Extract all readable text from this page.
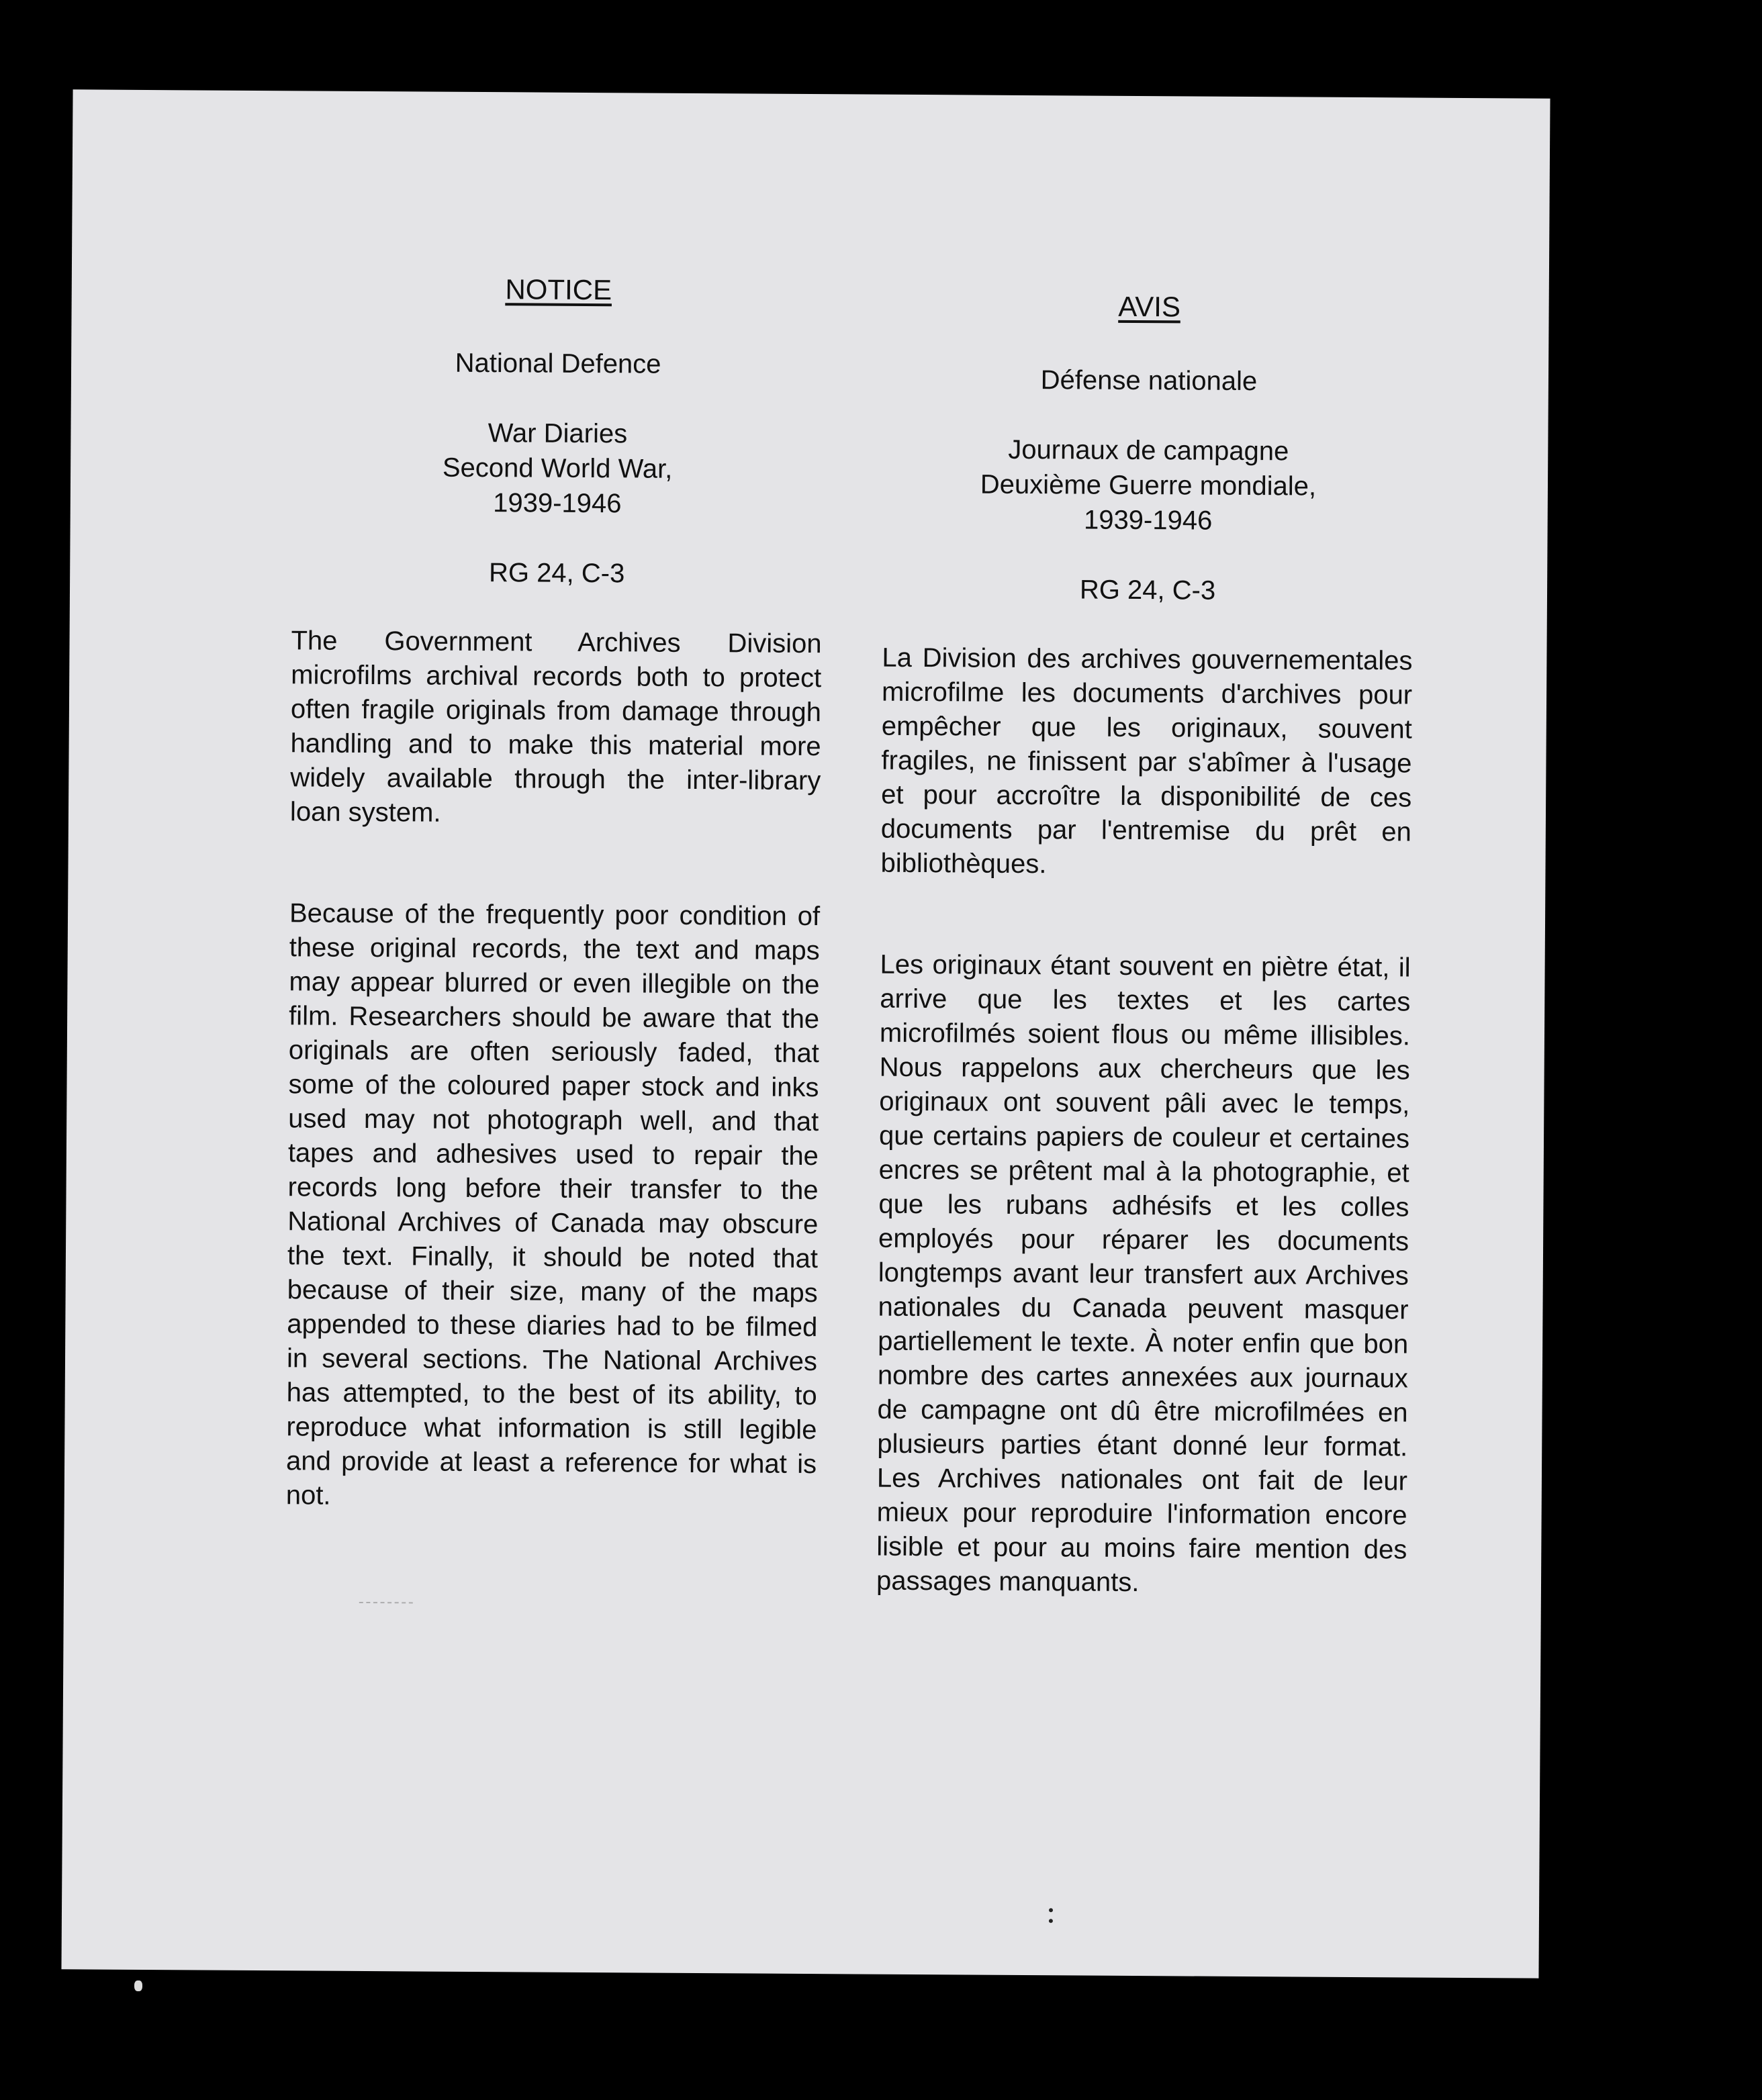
NOTICE
National Defence
War Diaries
Second World War,
1939-1946
RG 24, C-3

The Government Archives Division microfilms archival records both to protect often fragile originals from damage through handling and to make this material more widely available through the inter-library loan system.

Because of the frequently poor condition of these original records, the text and maps may appear blurred or even illegible on the film. Researchers should be aware that the originals are often seriously faded, that some of the coloured paper stock and inks used may not photograph well, and that tapes and adhesives used to repair the records long before their transfer to the National Archives of Canada may obscure the text. Finally, it should be noted that because of their size, many of the maps appended to these diaries had to be filmed in several sections. The National Archives has attempted, to the best of its ability, to reproduce what information is still legible and provide at least a reference for what is not.

AVIS
Défense nationale
Journaux de campagne
Deuxième Guerre mondiale,
1939-1946
RG 24, C-3

La Division des archives gouvernementales microfilme les documents d'archives pour empêcher que les originaux, souvent fragiles, ne finissent par s'abîmer à l'usage et pour accroître la disponibilité de ces documents par l'entremise du prêt en bibliothèques.

Les originaux étant souvent en piètre état, il arrive que les textes et les cartes microfilmés soient flous ou même illisibles. Nous rappelons aux chercheurs que les originaux ont souvent pâli avec le temps, que certains papiers de couleur et certaines encres se prêtent mal à la photographie, et que les rubans adhésifs et les colles employés pour réparer les documents longtemps avant leur transfert aux Archives nationales du Canada peuvent masquer partiellement le texte. À noter enfin que bon nombre des cartes annexées aux journaux de campagne ont dû être microfilmées en plusieurs parties étant donné leur format. Les Archives nationales ont fait de leur mieux pour reproduire l'information encore lisible et pour au moins faire mention des passages manquants.
